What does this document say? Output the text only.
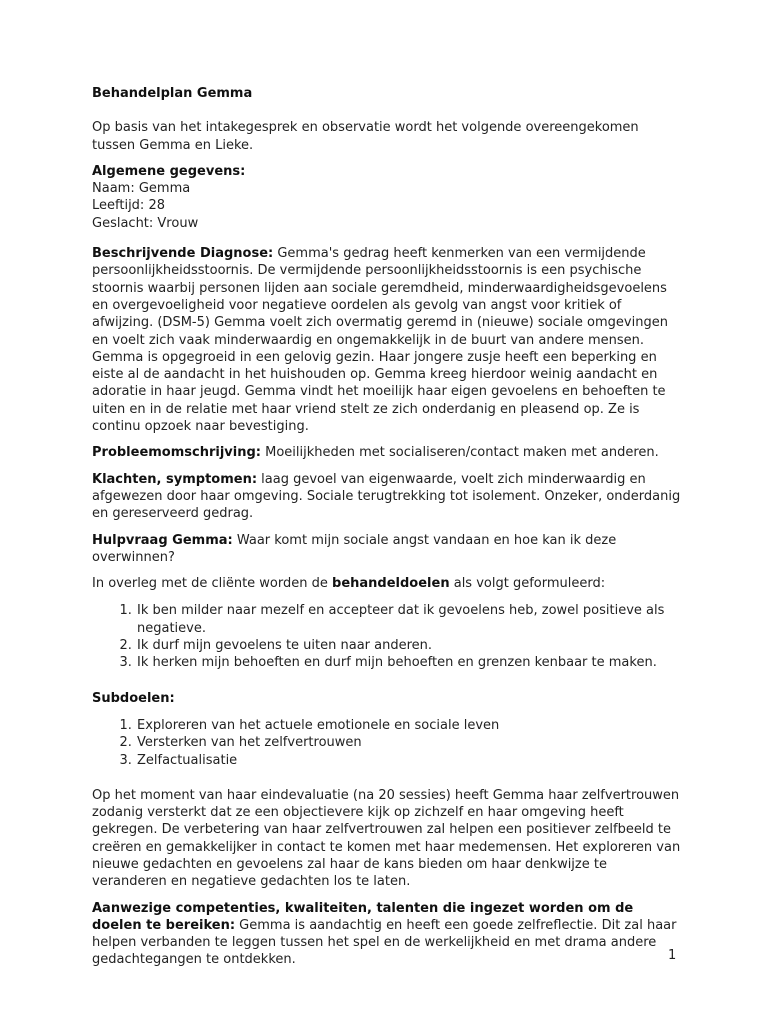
Behandelplan Gemma

Op basis van het intakegesprek en observatie wordt het volgende overeengekomen tussen Gemma en Lieke.

Algemene gegevens:

Naam: Gemma

Leeftijd: 28

Geslacht: Vrouw

Beschrijvende Diagnose: Gemma's gedrag heeft kenmerken van een vermijdende persoonlijkheidsstoornis. De vermijdende persoonlijkheidsstoornis is een psychische stoornis waarbij personen lijden aan sociale geremdheid, minderwaardigheidsgevoelens en overgevoeligheid voor negatieve oordelen als gevolg van angst voor kritiek of afwijzing. (DSM-5) Gemma voelt zich overmatig geremd in (nieuwe) sociale omgevingen en voelt zich vaak minderwaardig en ongemakkelijk in de buurt van andere mensen. Gemma is opgegroeid in een gelovig gezin. Haar jongere zusje heeft een beperking en eiste al de aandacht in het huishouden op. Gemma kreeg hierdoor weinig aandacht en adoratie in haar jeugd. Gemma vindt het moeilijk haar eigen gevoelens en behoeften te uiten en in de relatie met haar vriend stelt ze zich onderdanig en pleasend op. Ze is continu opzoek naar bevestiging.

Probleemomschrijving: Moeilijkheden met socialiseren/contact maken met anderen.

Klachten, symptomen: laag gevoel van eigenwaarde, voelt zich minderwaardig en afgewezen door haar omgeving. Sociale terugtrekking tot isolement. Onzeker, onderdanig en gereserveerd gedrag.

Hulpvraag Gemma: Waar komt mijn sociale angst vandaan en hoe kan ik deze overwinnen?

In overleg met de cliënte worden de behandeldoelen als volgt geformuleerd:

1. Ik ben milder naar mezelf en accepteer dat ik gevoelens heb, zowel positieve als negatieve.
2. Ik durf mijn gevoelens te uiten naar anderen.
3. Ik herken mijn behoeften en durf mijn behoeften en grenzen kenbaar te maken.

Subdoelen:

1. Exploreren van het actuele emotionele en sociale leven
2. Versterken van het zelfvertrouwen
3. Zelfactualisatie

Op het moment van haar eindevaluatie (na 20 sessies) heeft Gemma haar zelfvertrouwen zodanig versterkt dat ze een objectievere kijk op zichzelf en haar omgeving heeft gekregen. De verbetering van haar zelfvertrouwen zal helpen een positiever zelfbeeld te creëren en gemakkelijker in contact te komen met haar medemensen. Het exploreren van nieuwe gedachten en gevoelens zal haar de kans bieden om haar denkwijze te veranderen en negatieve gedachten los te laten.

Aanwezige competenties, kwaliteiten, talenten die ingezet worden om de doelen te bereiken: Gemma is aandachtig en heeft een goede zelfreflectie. Dit zal haar helpen verbanden te leggen tussen het spel en de werkelijkheid en met drama andere gedachtegangen te ontdekken.	1
